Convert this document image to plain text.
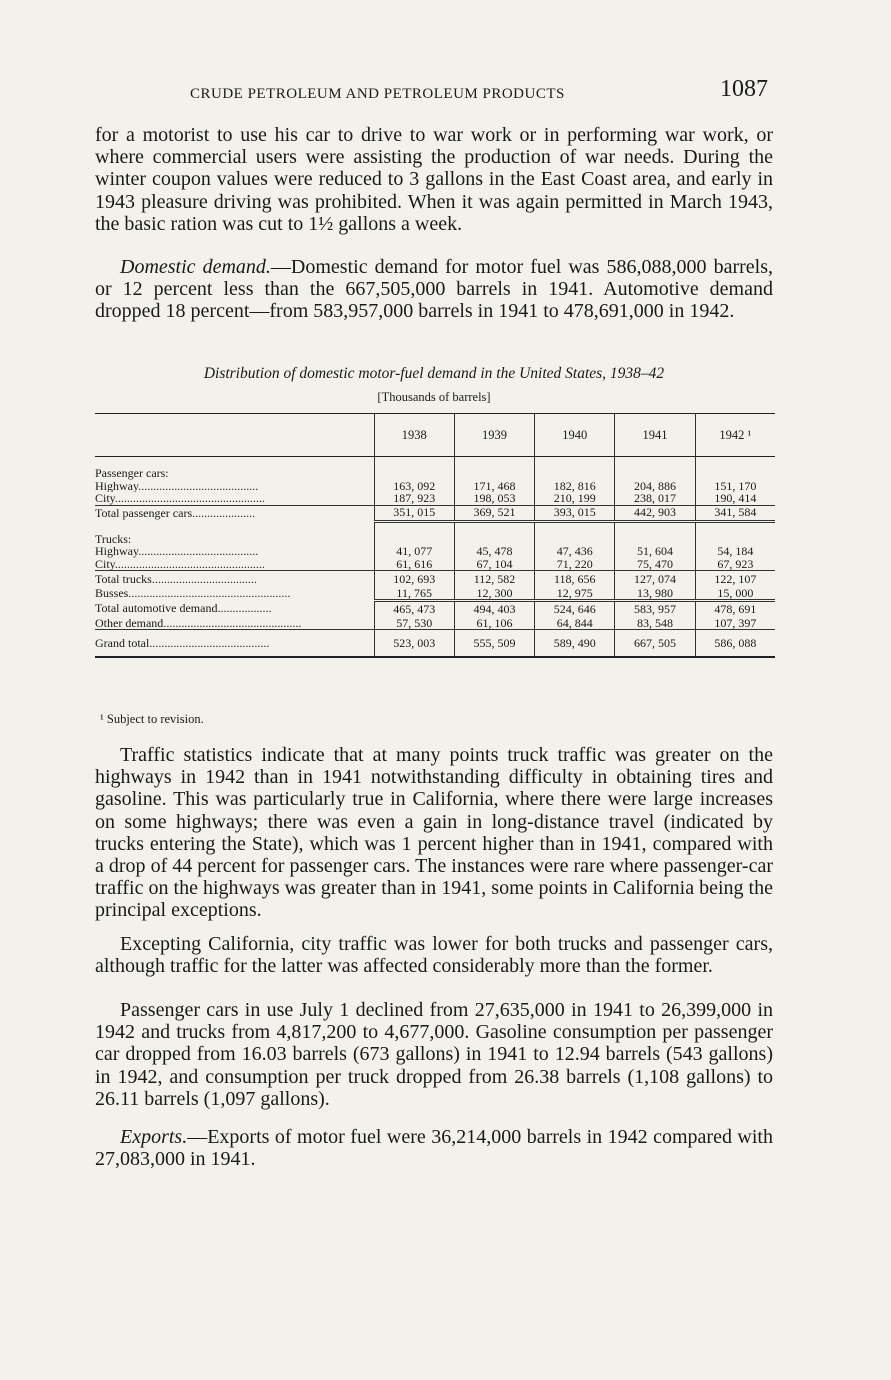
CRUDE PETROLEUM AND PETROLEUM PRODUCTS	1087

for a motorist to use his car to drive to war work or in performing war work, or where commercial users were assisting the production of war needs. During the winter coupon values were reduced to 3 gallons in the East Coast area, and early in 1943 pleasure driving was prohibited. When it was again permitted in March 1943, the basic ration was cut to 1½ gallons a week.

Domestic demand.—Domestic demand for motor fuel was 586,088,000 barrels, or 12 percent less than the 667,505,000 barrels in 1941. Automotive demand dropped 18 percent—from 583,957,000 barrels in 1941 to 478,691,000 in 1942.

Distribution of domestic motor-fuel demand in the United States, 1938–42
[Thousands of barrels]
	1938	1939	1940	1941	1942 ¹

Passenger cars:					
Highway........................................	163, 092	171, 468	182, 816	204, 886	151, 170
City..................................................	187, 923	198, 053	210, 199	238, 017	190, 414
Total passenger cars.....................	351, 015	369, 521	393, 015	442, 903	341, 584

Trucks:					
Highway........................................	41, 077	45, 478	47, 436	51, 604	54, 184
City..................................................	61, 616	67, 104	71, 220	75, 470	67, 923
Total trucks...................................	102, 693	112, 582	118, 656	127, 074	122, 107
Busses......................................................	11, 765	12, 300	12, 975	13, 980	15, 000
Total automotive demand..................	465, 473	494, 403	524, 646	583, 957	478, 691
Other demand..............................................	57, 530	61, 106	64, 844	83, 548	107, 397
Grand total........................................	523, 003	555, 509	589, 490	667, 505	586, 088
¹ Subject to revision.

Traffic statistics indicate that at many points truck traffic was greater on the highways in 1942 than in 1941 notwithstanding difficulty in obtaining tires and gasoline. This was particularly true in California, where there were large increases on some highways; there was even a gain in long-distance travel (indicated by trucks entering the State), which was 1 percent higher than in 1941, compared with a drop of 44 percent for passenger cars. The instances were rare where passenger-car traffic on the highways was greater than in 1941, some points in California being the principal exceptions.

Excepting California, city traffic was lower for both trucks and passenger cars, although traffic for the latter was affected considerably more than the former.

Passenger cars in use July 1 declined from 27,635,000 in 1941 to 26,399,000 in 1942 and trucks from 4,817,200 to 4,677,000. Gasoline consumption per passenger car dropped from 16.03 barrels (673 gallons) in 1941 to 12.94 barrels (543 gallons) in 1942, and consumption per truck dropped from 26.38 barrels (1,108 gallons) to 26.11 barrels (1,097 gallons).

Exports.—Exports of motor fuel were 36,214,000 barrels in 1942 compared with 27,083,000 in 1941.
